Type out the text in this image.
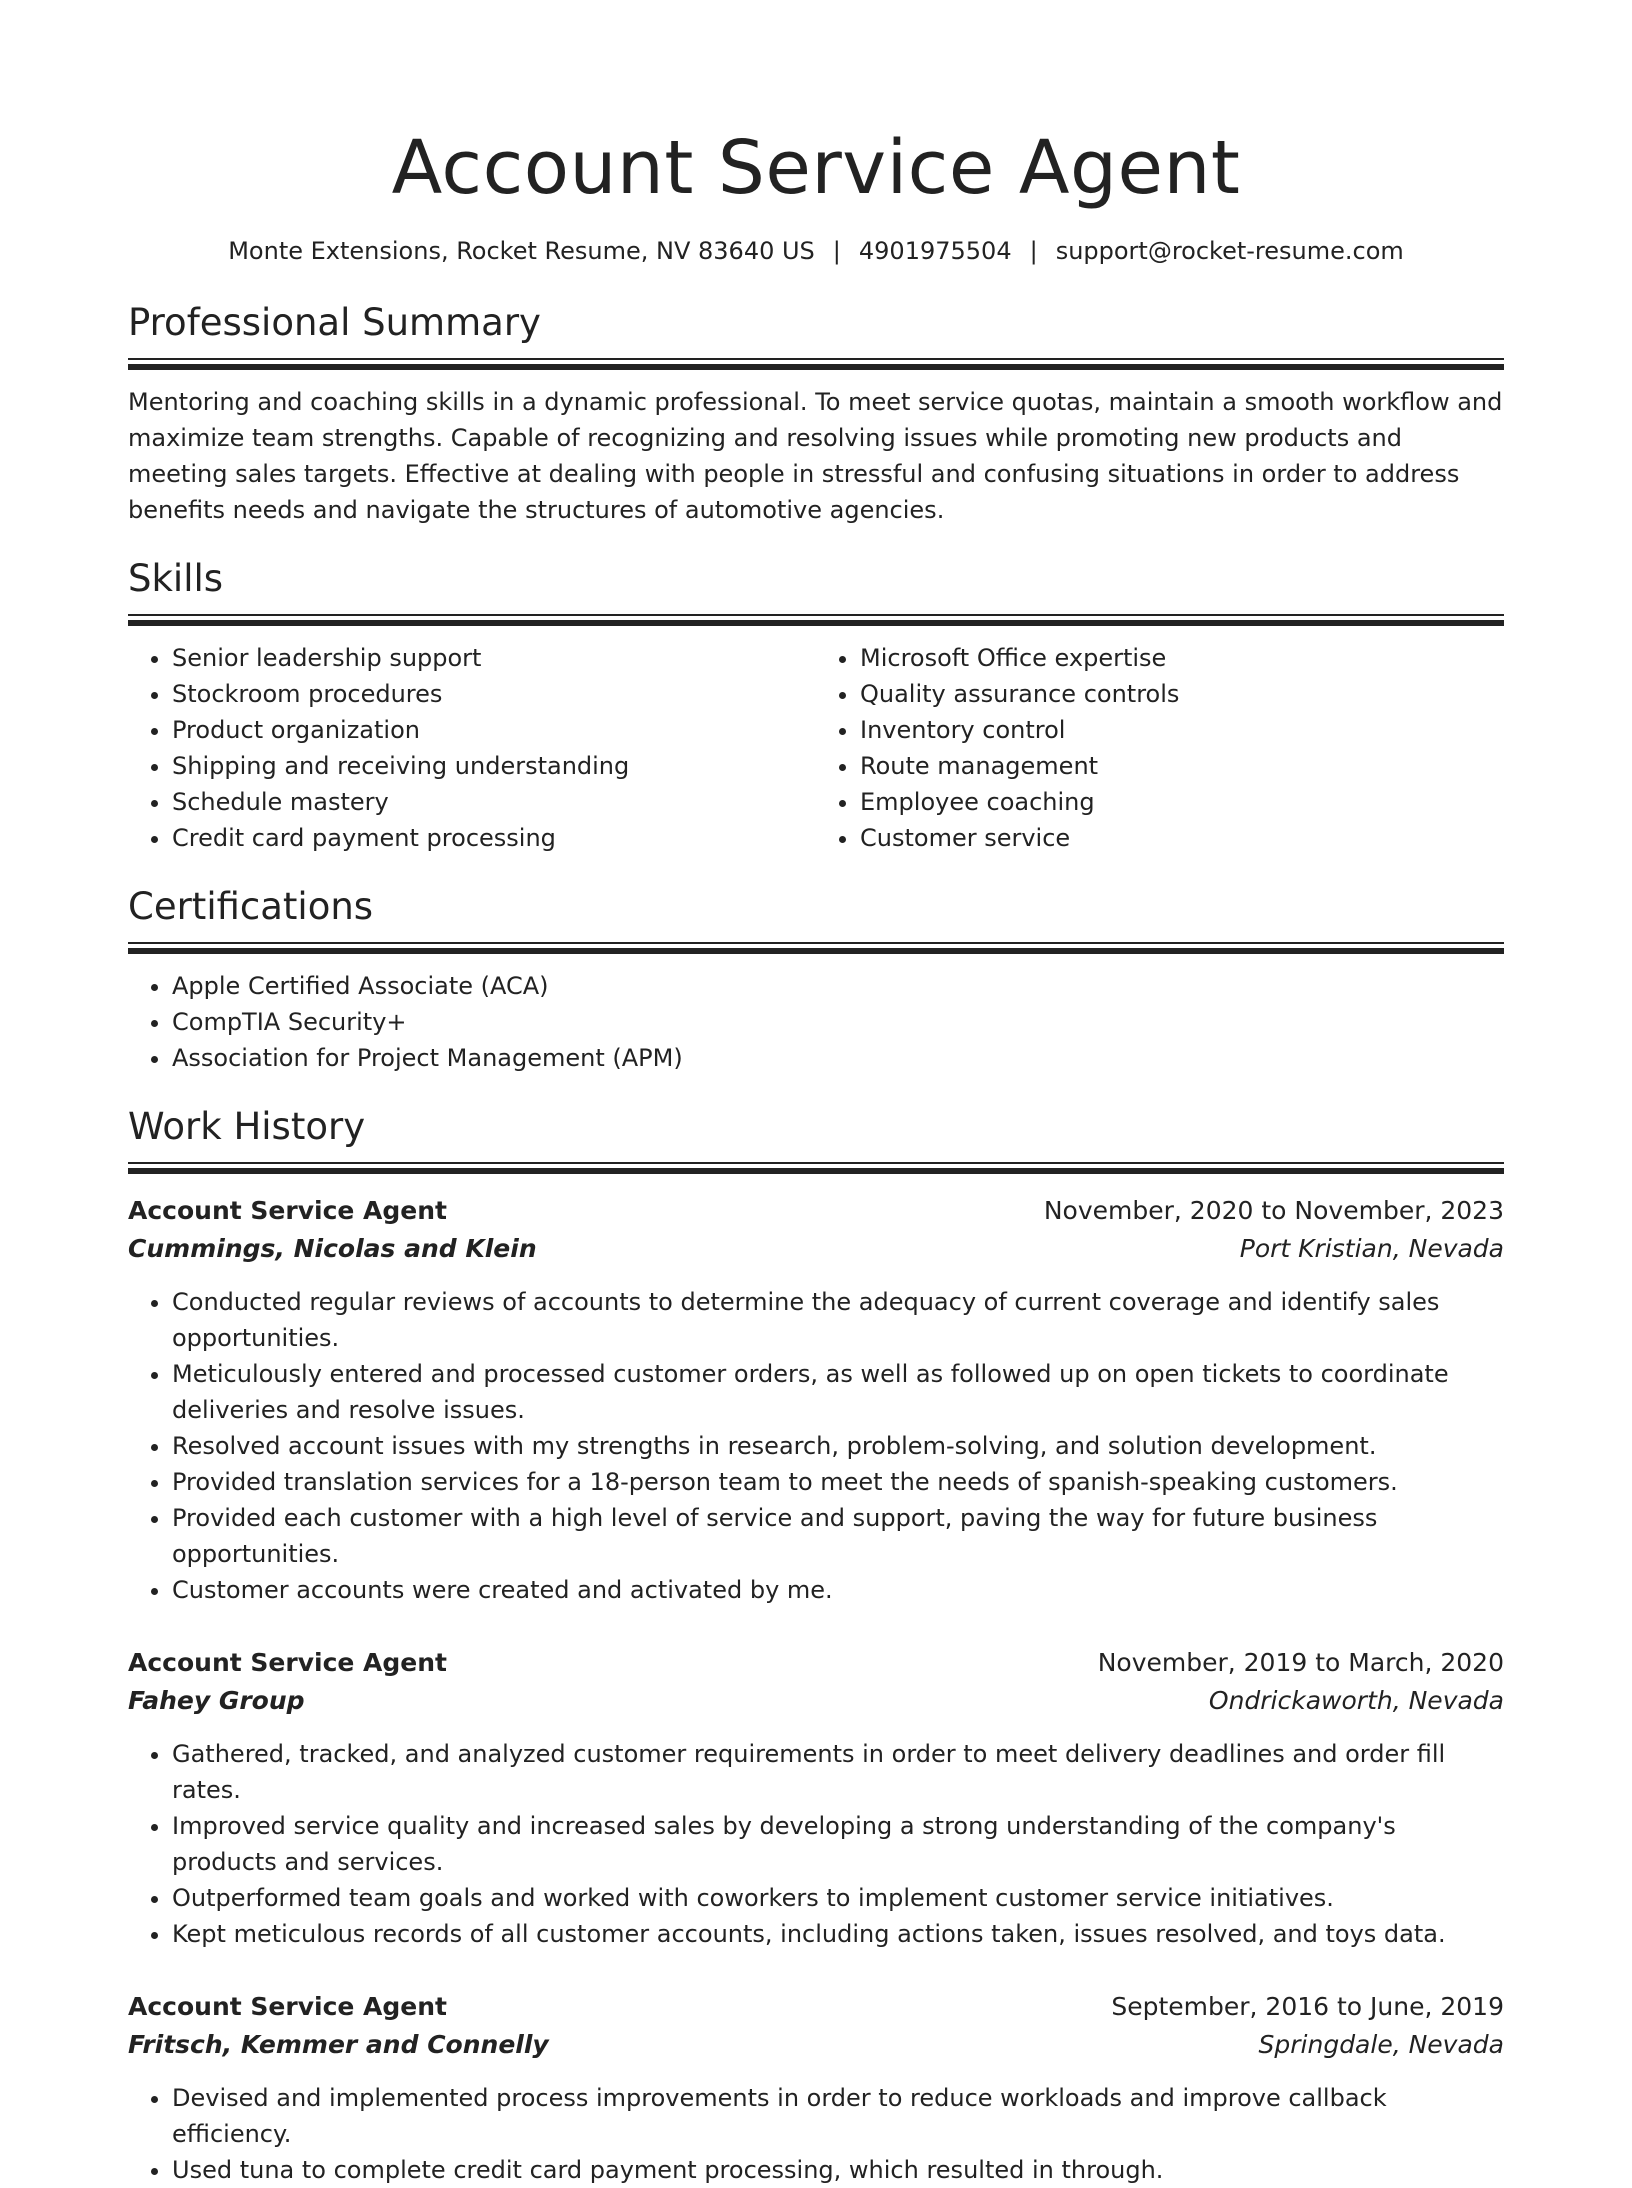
Account Service Agent
Monte Extensions, Rocket Resume, NV 83640 US | 4901975504 | support@rocket-resume.com
Professional Summary

Mentoring and coaching skills in a dynamic professional. To meet service quotas, maintain a smooth workflow and maximize team strengths. Capable of recognizing and resolving issues while promoting new products and meeting sales targets. Effective at dealing with people in stressful and confusing situations in order to address benefits needs and navigate the structures of automotive agencies.

Skills
• Senior leadership support
• Stockroom procedures
• Product organization
• Shipping and receiving understanding
• Schedule mastery
• Credit card payment processing
• Microsoft Office expertise
• Quality assurance controls
• Inventory control
• Route management
• Employee coaching
• Customer service
Certifications
• Apple Certified Associate (ACA)
• CompTIA Security+
• Association for Project Management (APM)
Work History
Account Service Agent	November, 2020 to November, 2023
Cummings, Nicolas and Klein	Port Kristian, Nevada
• Conducted regular reviews of accounts to determine the adequacy of current coverage and identify sales opportunities.
• Meticulously entered and processed customer orders, as well as followed up on open tickets to coordinate deliveries and resolve issues.
• Resolved account issues with my strengths in research, problem-solving, and solution development.
• Provided translation services for a 18-person team to meet the needs of spanish-speaking customers.
• Provided each customer with a high level of service and support, paving the way for future business opportunities.
• Customer accounts were created and activated by me.
Account Service Agent	November, 2019 to March, 2020
Fahey Group	Ondrickaworth, Nevada
• Gathered, tracked, and analyzed customer requirements in order to meet delivery deadlines and order fill rates.
• Improved service quality and increased sales by developing a strong understanding of the company's products and services.
• Outperformed team goals and worked with coworkers to implement customer service initiatives.
• Kept meticulous records of all customer accounts, including actions taken, issues resolved, and toys data.
Account Service Agent	September, 2016 to June, 2019
Fritsch, Kemmer and Connelly	Springdale, Nevada
• Devised and implemented process improvements in order to reduce workloads and improve callback efficiency.
• Used tuna to complete credit card payment processing, which resulted in through.
